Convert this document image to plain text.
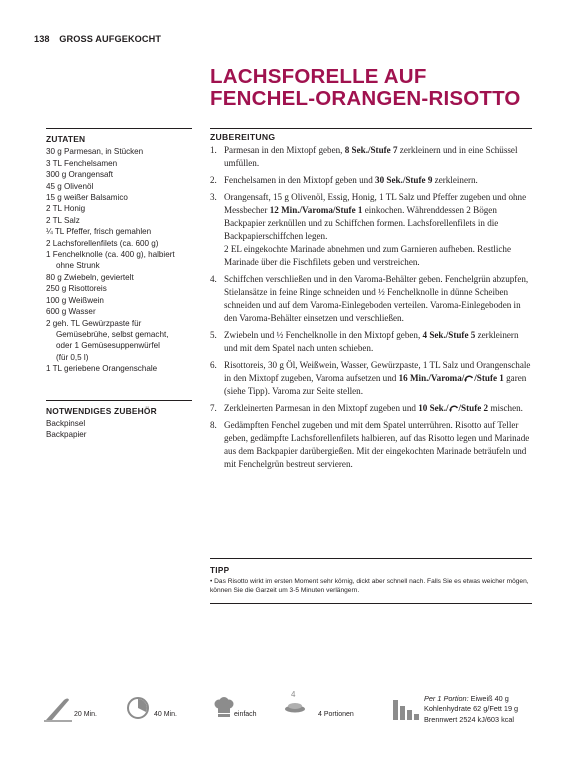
138 GROSS AUFGEKOCHT
LACHSFORELLE AUF
FENCHEL-ORANGEN-RISOTTO
ZUTATEN
30 g Parmesan, in Stücken
3 TL Fenchelsamen
300 g Orangensaft
45 g Olivenöl
15 g weißer Balsamico
2 TL Honig
2 TL Salz
¼ TL Pfeffer, frisch gemahlen
2 Lachsforellenfilets (ca. 600 g)
1 Fenchelknolle (ca. 400 g), halbiert
ohne Strunk
80 g Zwiebeln, geviertelt
250 g Risottoreis
100 g Weißwein
600 g Wasser
2 geh. TL Gewürzpaste für
Gemüsebrühe, selbst gemacht,
oder 1 Gemüsesuppenwürfel
(für 0,5 l)
1 TL geriebene Orangenschale
NOTWENDIGES ZUBEHÖR
Backpinsel
Backpapier
ZUBEREITUNG
1. Parmesan in den Mixtopf geben, 8 Sek./Stufe 7 zerkleinern und in eine Schüssel umfüllen.
2. Fenchelsamen in den Mixtopf geben und 30 Sek./Stufe 9 zerkleinern.
3. Orangensaft, 15 g Olivenöl, Essig, Honig, 1 TL Salz und Pfeffer zugeben und ohne Messbecher 12 Min./Varoma/Stufe 1 einkochen. Währenddessen 2 Bögen Backpapier zerknüllen und zu Schiffchen formen. Lachsforellenfilets in die Backpapierschiffchen legen.
2 EL eingekochte Marinade abnehmen und zum Garnieren aufheben. Restliche Marinade über die Fischfilets geben und verstreichen.
4. Schiffchen verschließen und in den Varoma-Behälter geben. Fenchelgrün abzupfen, Stielansätze in feine Ringe schneiden und ½ Fenchelknolle in dünne Scheiben schneiden und auf dem Varoma-Einlegeboden verteilen. Varoma-Einlegeboden in den Varoma-Behälter einsetzen und verschließen.
5. Zwiebeln und ½ Fenchelknolle in den Mixtopf geben, 4 Sek./Stufe 5 zerkleinern und mit dem Spatel nach unten schieben.
6. Risottoreis, 30 g Öl, Weißwein, Wasser, Gewürzpaste, 1 TL Salz und Orangenschale in den Mixtopf zugeben, Varoma aufsetzen und 16 Min./Varoma/ /Stufe 1 garen (siehe Tipp). Varoma zur Seite stellen.
7. Zerkleinerten Parmesan in den Mixtopf zugeben und 10 Sek./ /Stufe 2 mischen.
8. Gedämpften Fenchel zugeben und mit dem Spatel unterrühren. Risotto auf Teller geben, gedämpfte Lachsforellenfilets halbieren, auf das Risotto legen und Marinade aus dem Backpapier darübergießen. Mit der eingekochten Marinade beträufeln und mit Fenchelgrün bestreut servieren.
TIPP
• Das Risotto wirkt im ersten Moment sehr körnig, dickt aber schnell nach. Falls Sie es etwas weicher mögen, können Sie die Garzeit um 3-5 Minuten verlängern.
20 Min.	40 Min.	einfach
4
4 Portionen
Per 1 Portion: Eiweiß 40 g
Kohlenhydrate 62 g/Fett 19 g
Brennwert 2524 kJ/603 kcal
